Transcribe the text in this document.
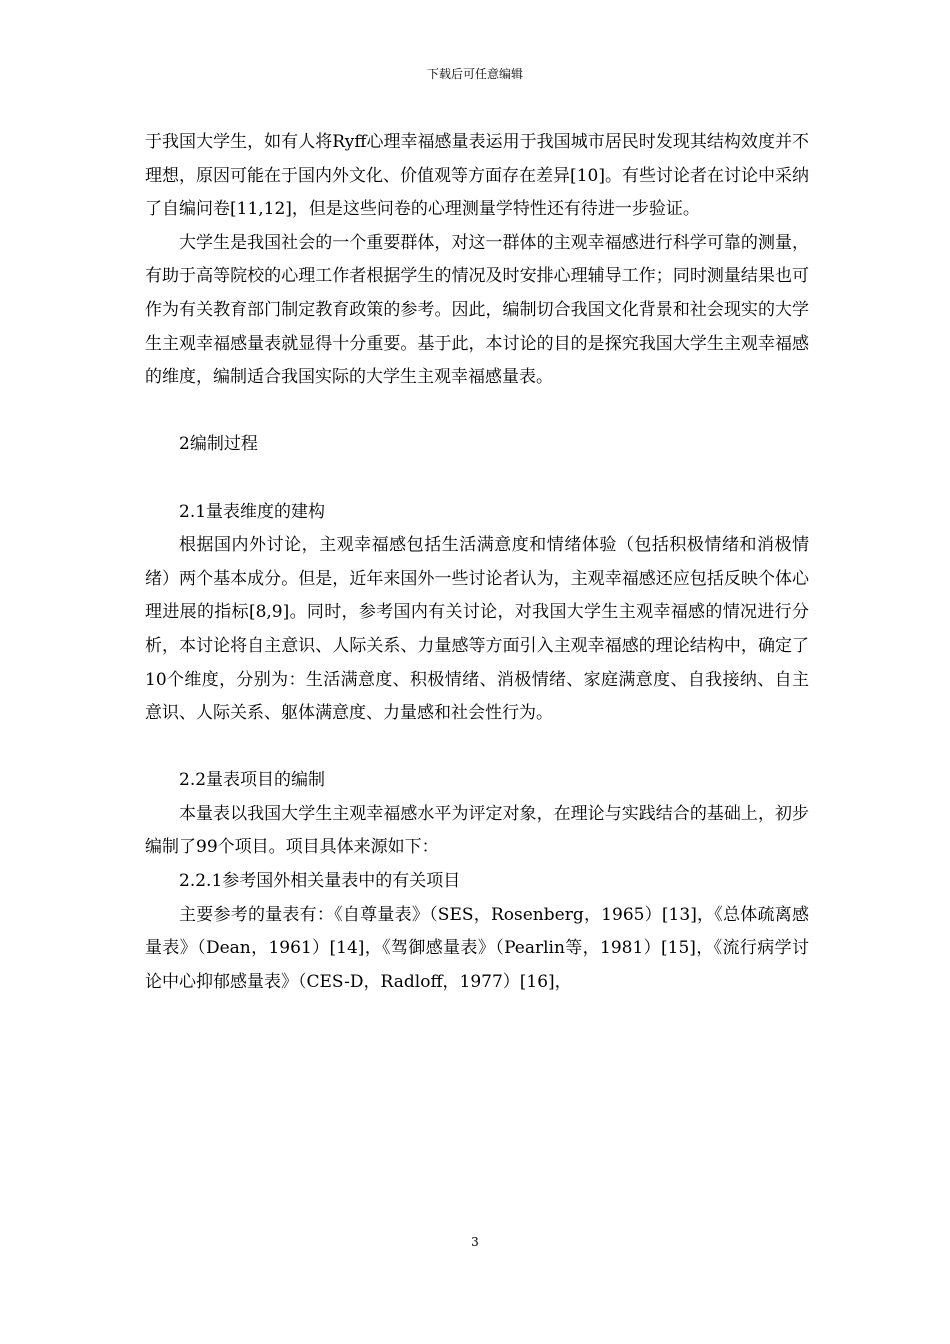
下载后可任意编辑

于我国大学生，如有人将Ryff心理幸福感量表运用于我国城市居民时发现其结构效度并不理想，原因可能在于国内外文化、价值观等方面存在差异[10]。有些讨论者在讨论中采纳了自编问卷[11,12]，但是这些问卷的心理测量学特性还有待进一步验证。

大学生是我国社会的一个重要群体，对这一群体的主观幸福感进行科学可靠的测量，有助于高等院校的心理工作者根据学生的情况及时安排心理辅导工作；同时测量结果也可作为有关教育部门制定教育政策的参考。因此，编制切合我国文化背景和社会现实的大学生主观幸福感量表就显得十分重要。基于此，本讨论的目的是探究我国大学生主观幸福感的维度，编制适合我国实际的大学生主观幸福感量表。

2编制过程

2.1量表维度的建构

根据国内外讨论，主观幸福感包括生活满意度和情绪体验（包括积极情绪和消极情绪）两个基本成分。但是，近年来国外一些讨论者认为，主观幸福感还应包括反映个体心理进展的指标[8,9]。同时，参考国内有关讨论，对我国大学生主观幸福感的情况进行分析，本讨论将自主意识、人际关系、力量感等方面引入主观幸福感的理论结构中，确定了10个维度，分别为：生活满意度、积极情绪、消极情绪、家庭满意度、自我接纳、自主意识、人际关系、躯体满意度、力量感和社会性行为。

2.2量表项目的编制

本量表以我国大学生主观幸福感水平为评定对象，在理论与实践结合的基础上，初步编制了99个项目。项目具体来源如下：

2.2.1参考国外相关量表中的有关项目

主要参考的量表有：《自尊量表》（SES，Rosenberg，1965）[13]，《总体疏离感量表》（Dean，1961）[14]，《驾御感量表》（Pearlin等，1981）[15]，《流行病学讨论中心抑郁感量表》（CES-D，Radloff，1977）[16]，

3
